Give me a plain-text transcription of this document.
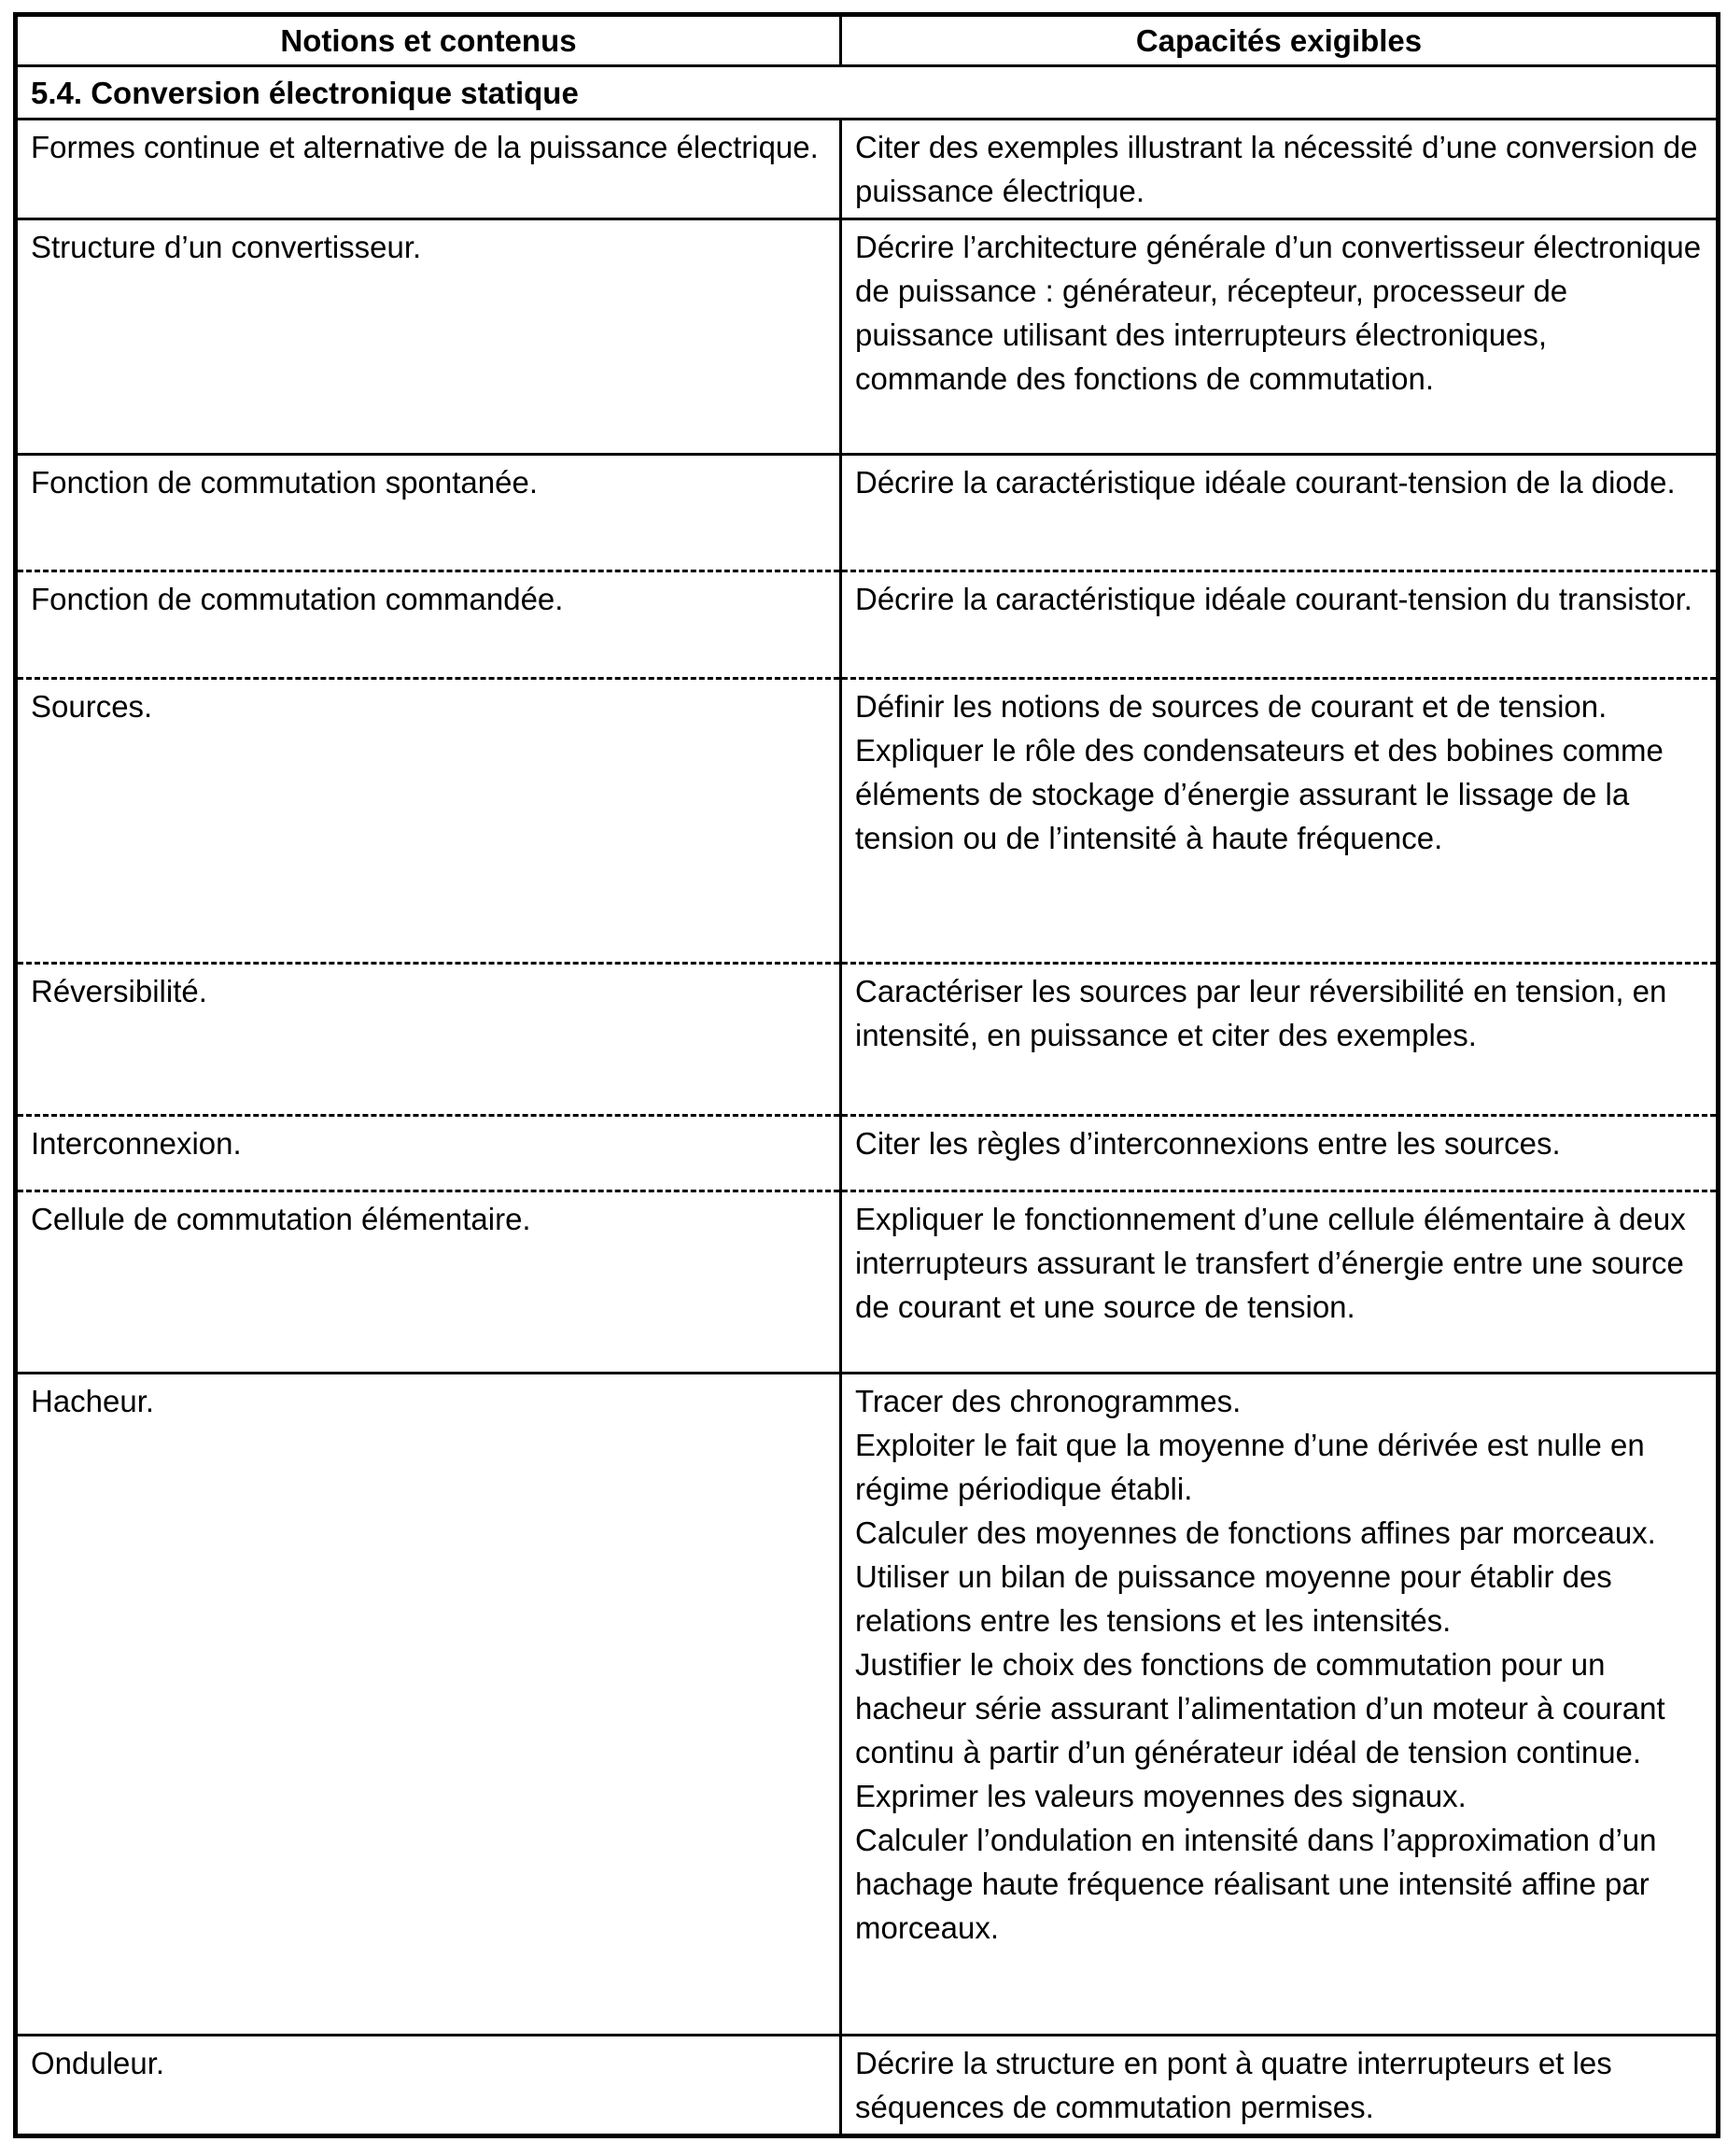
Notions et contenus	Capacités exigibles
5.4. Conversion électronique statique	

Formes continue et alternative de la puissance électrique.	Citer des exemples illustrant la nécessité d’une conversion de puissance électrique.

Structure d’un convertisseur.	Décrire l’architecture générale d’un convertisseur électronique de puissance : générateur, récepteur, processeur de puissance utilisant des interrupteurs électroniques, commande des fonctions de commutation.

Fonction de commutation spontanée.	Décrire la caractéristique idéale courant-tension de la diode.

Fonction de commutation commandée.	Décrire la caractéristique idéale courant-tension du transistor.

Sources.	Définir les notions de sources de courant et de tension.
Expliquer le rôle des condensateurs et des bobines comme éléments de stockage d’énergie assurant le lissage de la tension ou de l’intensité à haute fréquence.

Réversibilité.	Caractériser les sources par leur réversibilité en tension, en intensité, en puissance et citer des exemples.

Interconnexion.	Citer les règles d’interconnexions entre les sources.

Cellule de commutation élémentaire.	Expliquer le fonctionnement d’une cellule élémentaire à deux interrupteurs assurant le transfert d’énergie entre une source de courant et une source de tension.

Hacheur.	Tracer des chronogrammes.
Exploiter le fait que la moyenne d’une dérivée est nulle en régime périodique établi.
Calculer des moyennes de fonctions affines par morceaux.
Utiliser un bilan de puissance moyenne pour établir des relations entre les tensions et les intensités.
Justifier le choix des fonctions de commutation pour un hacheur série assurant l’alimentation d’un moteur à courant continu à partir d’un générateur idéal de tension continue.
Exprimer les valeurs moyennes des signaux.
Calculer l’ondulation en intensité dans l’approximation d’un hachage haute fréquence réalisant une intensité affine par morceaux.

Onduleur.	Décrire la structure en pont à quatre interrupteurs et les séquences de commutation permises.
